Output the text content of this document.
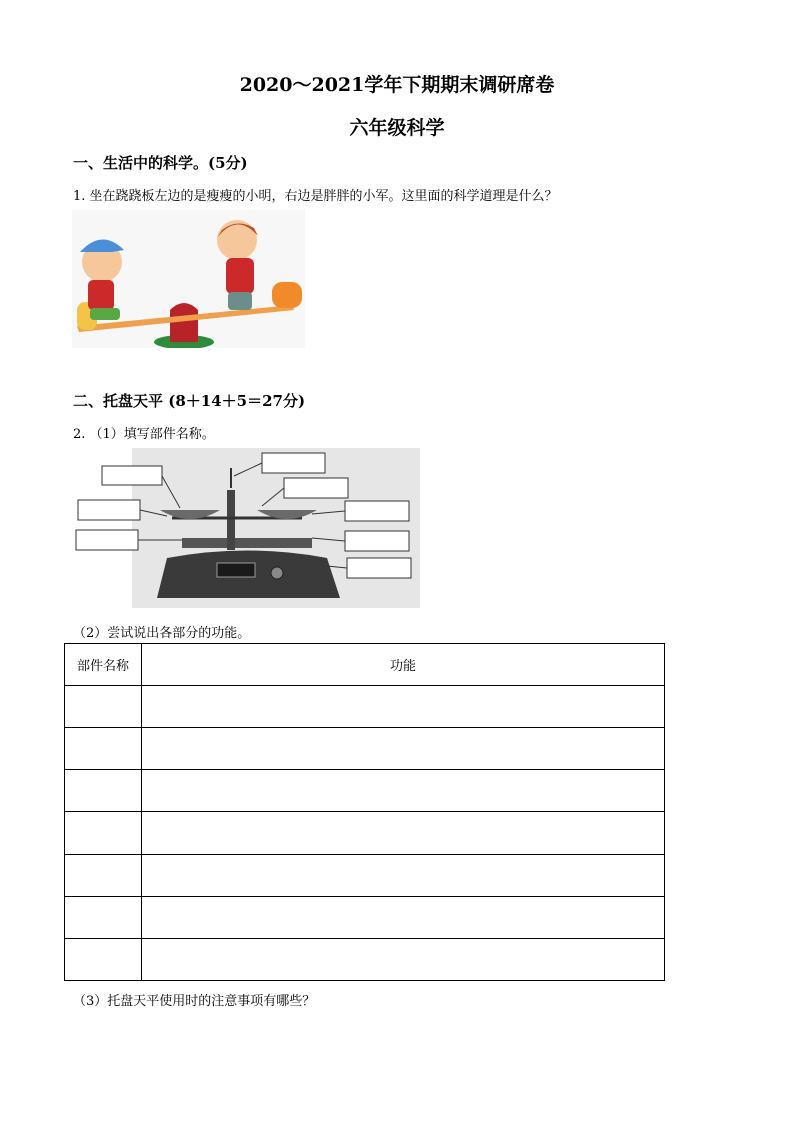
2020～2021学年下期期末调研席卷
六年级科学
一、生活中的科学。(5分)
1. 坐在跷跷板左边的是瘦瘦的小明，右边是胖胖的小军。这里面的科学道理是什么？
二、托盘天平 (8＋14＋5＝27分)
2. （1）填写部件名称。
（2）尝试说出各部分的功能。
部件名称	功能

（3）托盘天平使用时的注意事项有哪些？
